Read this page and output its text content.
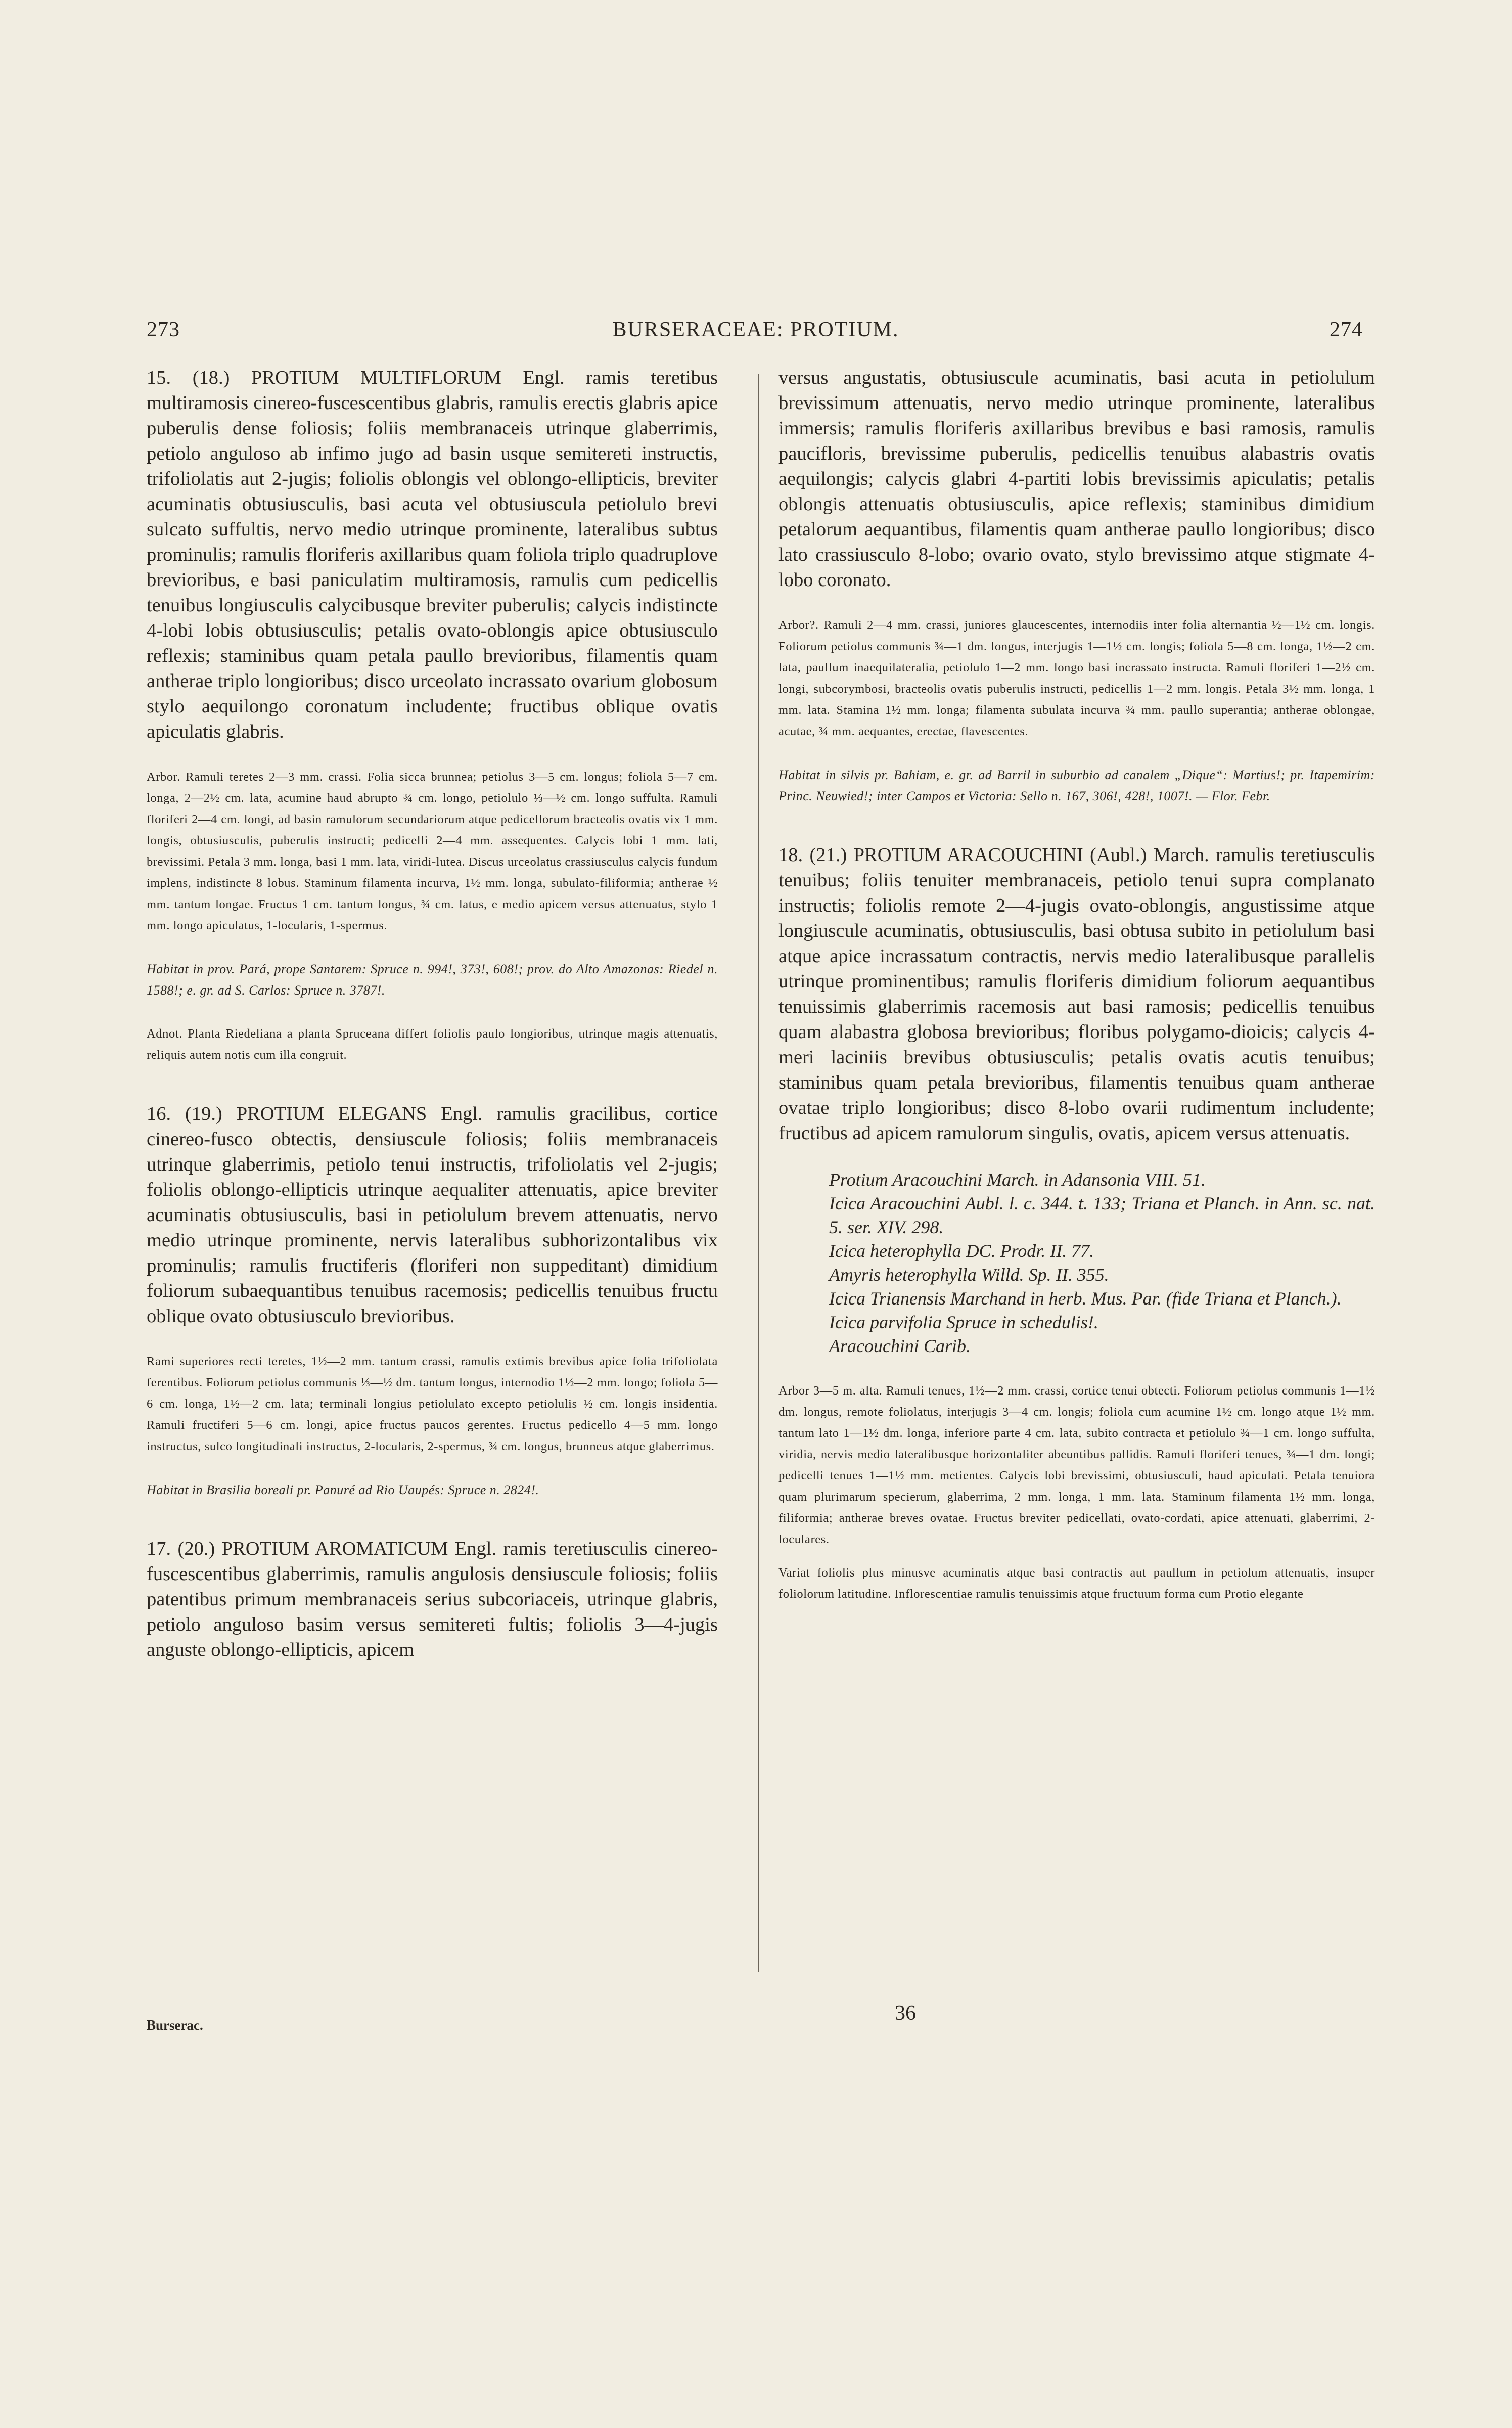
273	BURSERACEAE: PROTIUM.	274

15. (18.) PROTIUM MULTIFLORUM Engl. ramis teretibus multiramosis cinereo-fuscescentibus glabris, ramulis erectis glabris apice puberulis dense foliosis; foliis membranaceis utrinque glaberrimis, petiolo anguloso ab infimo jugo ad basin usque semitereti instructis, trifoliolatis aut 2-jugis; foliolis oblongis vel oblongo-ellipticis, breviter acuminatis obtusiusculis, basi acuta vel obtusiuscula petiolulo brevi sulcato suffultis, nervo medio utrinque prominente, lateralibus subtus prominulis; ramulis floriferis axillaribus quam foliola triplo quadruplove brevioribus, e basi paniculatim multiramosis, ramulis cum pedicellis tenuibus longiusculis calycibusque breviter puberulis; calycis indistincte 4-lobi lobis obtusiusculis; petalis ovato-oblongis apice obtusiusculo reflexis; staminibus quam petala paullo brevioribus, filamentis quam antherae triplo longioribus; disco urceolato incrassato ovarium globosum stylo aequilongo coronatum includente; fructibus oblique ovatis apiculatis glabris.

Arbor. Ramuli teretes 2—3 mm. crassi. Folia sicca brunnea; petiolus 3—5 cm. longus; foliola 5—7 cm. longa, 2—2½ cm. lata, acumine haud abrupto ¾ cm. longo, petiolulo ⅓—½ cm. longo suffulta. Ramuli floriferi 2—4 cm. longi, ad basin ramulorum secundariorum atque pedicellorum bracteolis ovatis vix 1 mm. longis, obtusiusculis, puberulis instructi; pedicelli 2—4 mm. assequentes. Calycis lobi 1 mm. lati, brevissimi. Petala 3 mm. longa, basi 1 mm. lata, viridi-lutea. Discus urceolatus crassiusculus calycis fundum implens, indistincte 8 lobus. Staminum filamenta incurva, 1½ mm. longa, subulato-filiformia; antherae ½ mm. tantum longae. Fructus 1 cm. tantum longus, ¾ cm. latus, e medio apicem versus attenuatus, stylo 1 mm. longo apiculatus, 1-locularis, 1-spermus.

Habitat in prov. Pará, prope Santarem: Spruce n. 994!, 373!, 608!; prov. do Alto Amazonas: Riedel n. 1588!; e. gr. ad S. Carlos: Spruce n. 3787!.

Adnot. Planta Riedeliana a planta Spruceana differt foliolis paulo longioribus, utrinque magis attenuatis, reliquis autem notis cum illa congruit.

16. (19.) PROTIUM ELEGANS Engl. ramulis gracilibus, cortice cinereo-fusco obtectis, densiuscule foliosis; foliis membranaceis utrinque glaberrimis, petiolo tenui instructis, trifoliolatis vel 2-jugis; foliolis oblongo-ellipticis utrinque aequaliter attenuatis, apice breviter acuminatis obtusiusculis, basi in petiolulum brevem attenuatis, nervo medio utrinque prominente, nervis lateralibus subhorizontalibus vix prominulis; ramulis fructiferis (floriferi non suppeditant) dimidium foliorum subaequantibus tenuibus racemosis; pedicellis tenuibus fructu oblique ovato obtusiusculo brevioribus.

Rami superiores recti teretes, 1½—2 mm. tantum crassi, ramulis extimis brevibus apice folia trifoliolata ferentibus. Foliorum petiolus communis ⅓—½ dm. tantum longus, internodio 1½—2 mm. longo; foliola 5—6 cm. longa, 1½—2 cm. lata; terminali longius petiolulato excepto petiolulis ½ cm. longis insidentia. Ramuli fructiferi 5—6 cm. longi, apice fructus paucos gerentes. Fructus pedicello 4—5 mm. longo instructus, sulco longitudinali instructus, 2-locularis, 2-spermus, ¾ cm. longus, brunneus atque glaberrimus.

Habitat in Brasilia boreali pr. Panuré ad Rio Uaupés: Spruce n. 2824!.

17. (20.) PROTIUM AROMATICUM Engl. ramis teretiusculis cinereo-fuscescentibus glaberrimis, ramulis angulosis densiuscule foliosis; foliis patentibus primum membranaceis serius subcoriaceis, utrinque glabris, petiolo anguloso basim versus semitereti fultis; foliolis 3—4-jugis anguste oblongo-ellipticis, apicem

versus angustatis, obtusiuscule acuminatis, basi acuta in petiolulum brevissimum attenuatis, nervo medio utrinque prominente, lateralibus immersis; ramulis floriferis axillaribus brevibus e basi ramosis, ramulis paucifloris, brevissime puberulis, pedicellis tenuibus alabastris ovatis aequilongis; calycis glabri 4-partiti lobis brevissimis apiculatis; petalis oblongis attenuatis obtusiusculis, apice reflexis; staminibus dimidium petalorum aequantibus, filamentis quam antherae paullo longioribus; disco lato crassiusculo 8-lobo; ovario ovato, stylo brevissimo atque stigmate 4-lobo coronato.

Arbor?. Ramuli 2—4 mm. crassi, juniores glaucescentes, internodiis inter folia alternantia ½—1½ cm. longis. Foliorum petiolus communis ¾—1 dm. longus, interjugis 1—1½ cm. longis; foliola 5—8 cm. longa, 1½—2 cm. lata, paullum inaequilateralia, petiolulo 1—2 mm. longo basi incrassato instructa. Ramuli floriferi 1—2½ cm. longi, subcorymbosi, bracteolis ovatis puberulis instructi, pedicellis 1—2 mm. longis. Petala 3½ mm. longa, 1 mm. lata. Stamina 1½ mm. longa; filamenta subulata incurva ¾ mm. paullo superantia; antherae oblongae, acutae, ¾ mm. aequantes, erectae, flavescentes.

Habitat in silvis pr. Bahiam, e. gr. ad Barril in suburbio ad canalem „Dique“: Martius!; pr. Itapemirim: Princ. Neuwied!; inter Campos et Victoria: Sello n. 167, 306!, 428!, 1007!. — Flor. Febr.

18. (21.) PROTIUM ARACOUCHINI (Aubl.) March. ramulis teretiusculis tenuibus; foliis tenuiter membranaceis, petiolo tenui supra complanato instructis; foliolis remote 2—4-jugis ovato-oblongis, angustissime atque longiuscule acuminatis, obtusiusculis, basi obtusa subito in petiolulum basi atque apice incrassatum contractis, nervis medio lateralibusque parallelis utrinque prominentibus; ramulis floriferis dimidium foliorum aequantibus tenuissimis glaberrimis racemosis aut basi ramosis; pedicellis tenuibus quam alabastra globosa brevioribus; floribus polygamo-dioicis; calycis 4-meri laciniis brevibus obtusiusculis; petalis ovatis acutis tenuibus; staminibus quam petala brevioribus, filamentis tenuibus quam antherae ovatae triplo longioribus; disco 8-lobo ovarii rudimentum includente; fructibus ad apicem ramulorum singulis, ovatis, apicem versus attenuatis.

Protium Aracouchini March. in Adansonia VIII. 51.

Icica Aracouchini Aubl. l. c. 344. t. 133; Triana et Planch. in Ann. sc. nat. 5. ser. XIV. 298.

Icica heterophylla DC. Prodr. II. 77.

Amyris heterophylla Willd. Sp. II. 355.

Icica Trianensis Marchand in herb. Mus. Par. (fide Triana et Planch.).

Icica parvifolia Spruce in schedulis!.

Aracouchini Carib.

Arbor 3—5 m. alta. Ramuli tenues, 1½—2 mm. crassi, cortice tenui obtecti. Foliorum petiolus communis 1—1½ dm. longus, remote foliolatus, interjugis 3—4 cm. longis; foliola cum acumine 1½ cm. longo atque 1½ mm. tantum lato 1—1½ dm. longa, inferiore parte 4 cm. lata, subito contracta et petiolulo ¾—1 cm. longo suffulta, viridia, nervis medio lateralibusque horizontaliter abeuntibus pallidis. Ramuli floriferi tenues, ¾—1 dm. longi; pedicelli tenues 1—1½ mm. metientes. Calycis lobi brevissimi, obtusiusculi, haud apiculati. Petala tenuiora quam plurimarum specierum, glaberrima, 2 mm. longa, 1 mm. lata. Staminum filamenta 1½ mm. longa, filiformia; antherae breves ovatae. Fructus breviter pedicellati, ovato-cordati, apice attenuati, glaberrimi, 2-loculares.

Variat foliolis plus minusve acuminatis atque basi contractis aut paullum in petiolum attenuatis, insuper foliolorum latitudine. Inflorescentiae ramulis tenuissimis atque fructuum forma cum Protio elegante

Burserac.	36
